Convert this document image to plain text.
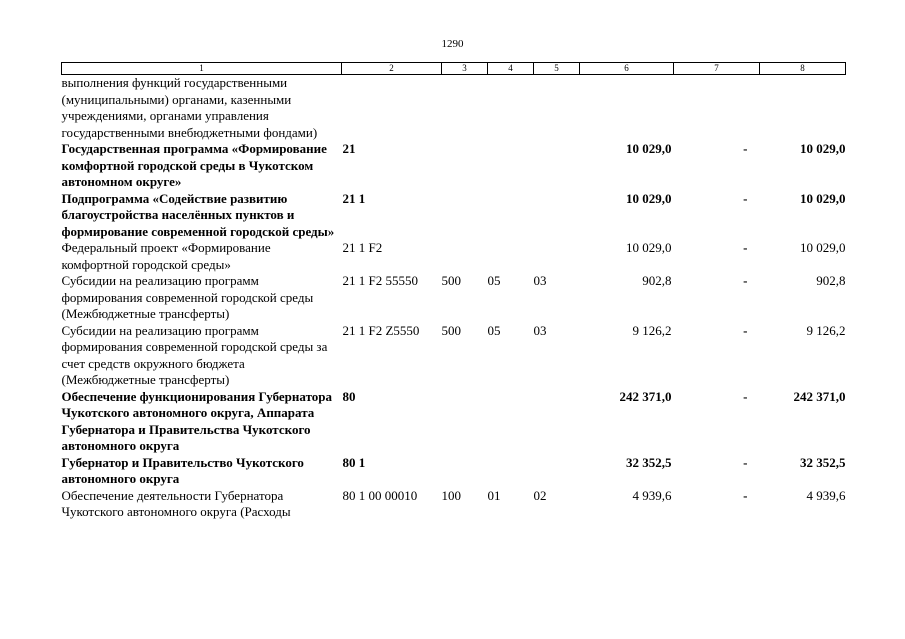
1290
1	2	3	4	5	6	7	8
выполнения функций государственными (муниципальными) органами, казенными учреждениями, органами управления государственными внебюджетными фондами)							
Государственная программа «Формирование комфортной городской среды в Чукотском автономном округе»	21				10 029,0	-	10 029,0
Подпрограмма «Содействие развитию благоустройства населённых пунктов и формирование современной городской среды»	21 1				10 029,0	-	10 029,0
Федеральный проект «Формирование комфортной городской среды»	21 1 F2				10 029,0	-	10 029,0
Субсидии на реализацию программ формирования современной городской среды (Межбюджетные трансферты)	21 1 F2 55550	500	05	03	902,8	-	902,8
Субсидии на реализацию программ формирования современной городской среды за счет средств окружного бюджета (Межбюджетные трансферты)	21 1 F2 Z5550	500	05	03	9 126,2	-	9 126,2
Обеспечение функционирования Губернатора Чукотского автономного округа, Аппарата Губернатора и Правительства Чукотского автономного округа	80				242 371,0	-	242 371,0
Губернатор и Правительство Чукотского автономного округа	80 1				32 352,5	-	32 352,5
Обеспечение деятельности Губернатора Чукотского автономного округа (Расходы	80 1 00 00010	100	01	02	4 939,6	-	4 939,6
